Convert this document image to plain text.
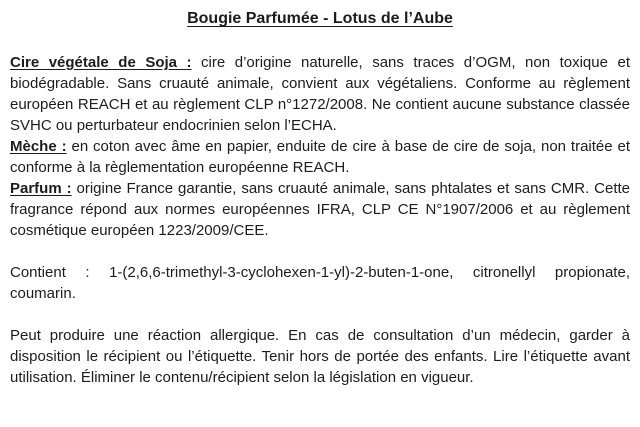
Bougie Parfumée - Lotus de l’Aube

Cire végétale de Soja : cire d’origine naturelle, sans traces d’OGM, non toxique et biodégradable. Sans cruauté animale, convient aux végétaliens. Conforme au règlement européen REACH et au règlement CLP n°1272/2008. Ne contient aucune substance classée SVHC ou perturbateur endocrinien selon l’ECHA.

Mèche : en coton avec âme en papier, enduite de cire à base de cire de soja, non traitée et conforme à la règlementation européenne REACH.

Parfum : origine France garantie, sans cruauté animale, sans phtalates et sans CMR. Cette fragrance répond aux normes européennes IFRA, CLP CE N°1907/2006 et au règlement cosmétique européen 1223/2009/CEE.

Contient : 1-(2,6,6-trimethyl-3-cyclohexen-1-yl)-2-buten-1-one, citronellyl propionate, coumarin.

Peut produire une réaction allergique. En cas de consultation d’un médecin, garder à disposition le récipient ou l’étiquette. Tenir hors de portée des enfants. Lire l’étiquette avant utilisation. Éliminer le contenu/récipient selon la législation en vigueur.
